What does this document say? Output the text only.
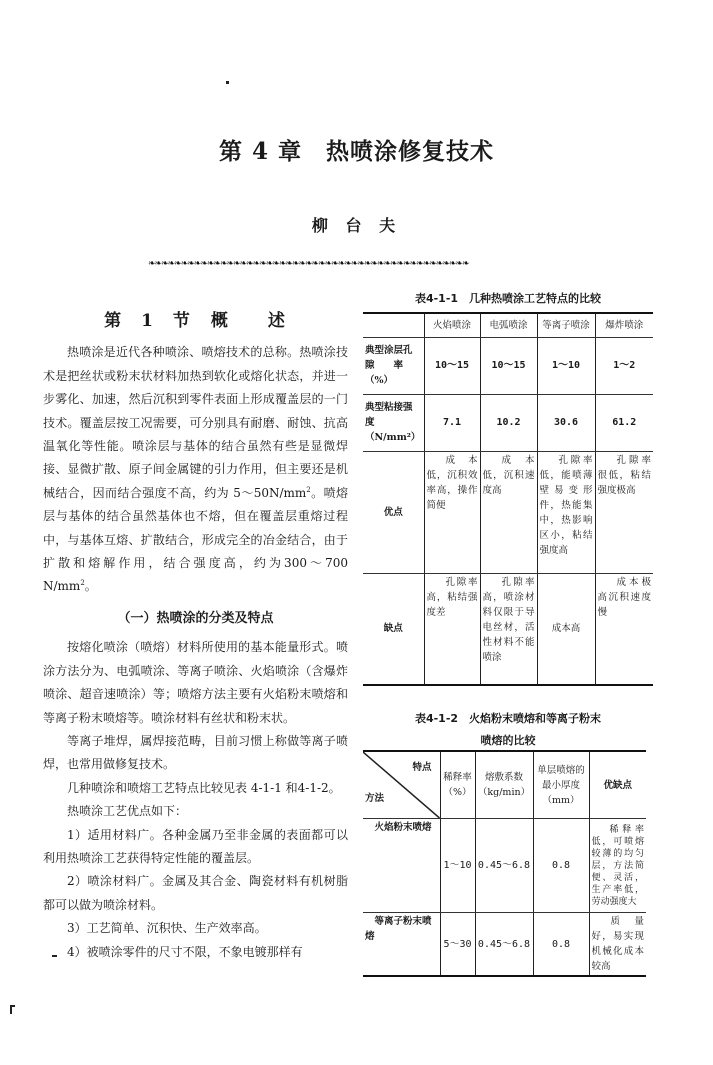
第 4 章　热喷涂修复技术
柳 台 夫
❧❧❧❧❧❧❧❧❧❧❧❧❧❧❧❧❧❧❧❧❧❧❧❧❧❧❧❧❧❧❧❧❧❧❧❧❧❧❧❧❧❧❧❧❧❧❧❧❧
第 1 节　概　　述

热喷涂是近代各种喷涂、喷熔技术的总称。热喷涂技术是把丝状或粉末状材料加热到软化或熔化状态，并进一步雾化、加速，然后沉积到零件表面上形成覆盖层的一门技术。覆盖层按工况需要，可分别具有耐磨、耐蚀、抗高温氧化等性能。喷涂层与基体的结合虽然有些是显微焊接、显微扩散、原子间金属键的引力作用，但主要还是机械结合，因而结合强度不高，约为 $5\sim 50N/mm^2$。喷熔层与基体的结合虽然基体也不熔，但在覆盖层重熔过程中，与基体互熔、扩散结合，形成完全的冶金结合，由于扩散和熔解作用，结合强度高，约为300～700 $N/mm^2$。

（一）热喷涂的分类及特点

按熔化喷涂（喷熔）材料所使用的基本能量形式。喷涂方法分为、电弧喷涂、等离子喷涂、火焰喷涂（含爆炸喷涂、超音速喷涂）等；喷熔方法主要有火焰粉末喷熔和等离子粉末喷熔等。喷涂材料有丝状和粉末状。

等离子堆焊，属焊接范畴，目前习惯上称做等离子喷焊，也常用做修复技术。

几种喷涂和喷熔工艺特点比较见表 4-1-1 和4-1-2。

热喷涂工艺优点如下：

1）适用材料广。各种金属乃至非金属的表面都可以利用热喷涂工艺获得特定性能的覆盖层。

2）喷涂材料广。金属及其合金、陶瓷材料有机树脂都可以做为喷涂材料。

3）工艺简单、沉积快、生产效率高。

4）被喷涂零件的尺寸不限，不象电镀那样有

表4-1-1　几种热喷涂工艺特点的比较
	火焰喷涂	电弧喷涂	等离子喷涂	爆炸喷涂
典型涂层孔隙　　率（%）	10～15	10～15	1～10	1～2
典型粘接强度（N/mm²）	7.1	10.2	30.6	61.2
优点	成本低，沉积效率高，操作简便	成本低，沉积速度高	孔隙率低，能喷薄壁易变形件，热能集中，热影响区小，粘结强度高	孔隙率很低，粘结强度极高
缺点	孔隙率高，粘结强度差	孔隙率高，喷涂材料仅限于导电丝材，活性材料不能喷涂	成本高	成本极高沉积速度慢
表4-1-2　火焰粉末喷熔和等离子粉末
喷熔的比较
特点
方法	稀释率（%）	熔敷系数（kg/min）	单层喷熔的最小厚度（mm）	优缺点
火焰粉末喷熔	1～10	0.45～6.8	0.8	稀释率低，可喷熔较薄的均匀层，方法简便、灵活，生产率低，劳动强度大
等离子粉末喷熔	5～30	0.45～6.8	0.8	质量好，易实现机械化成本较高
